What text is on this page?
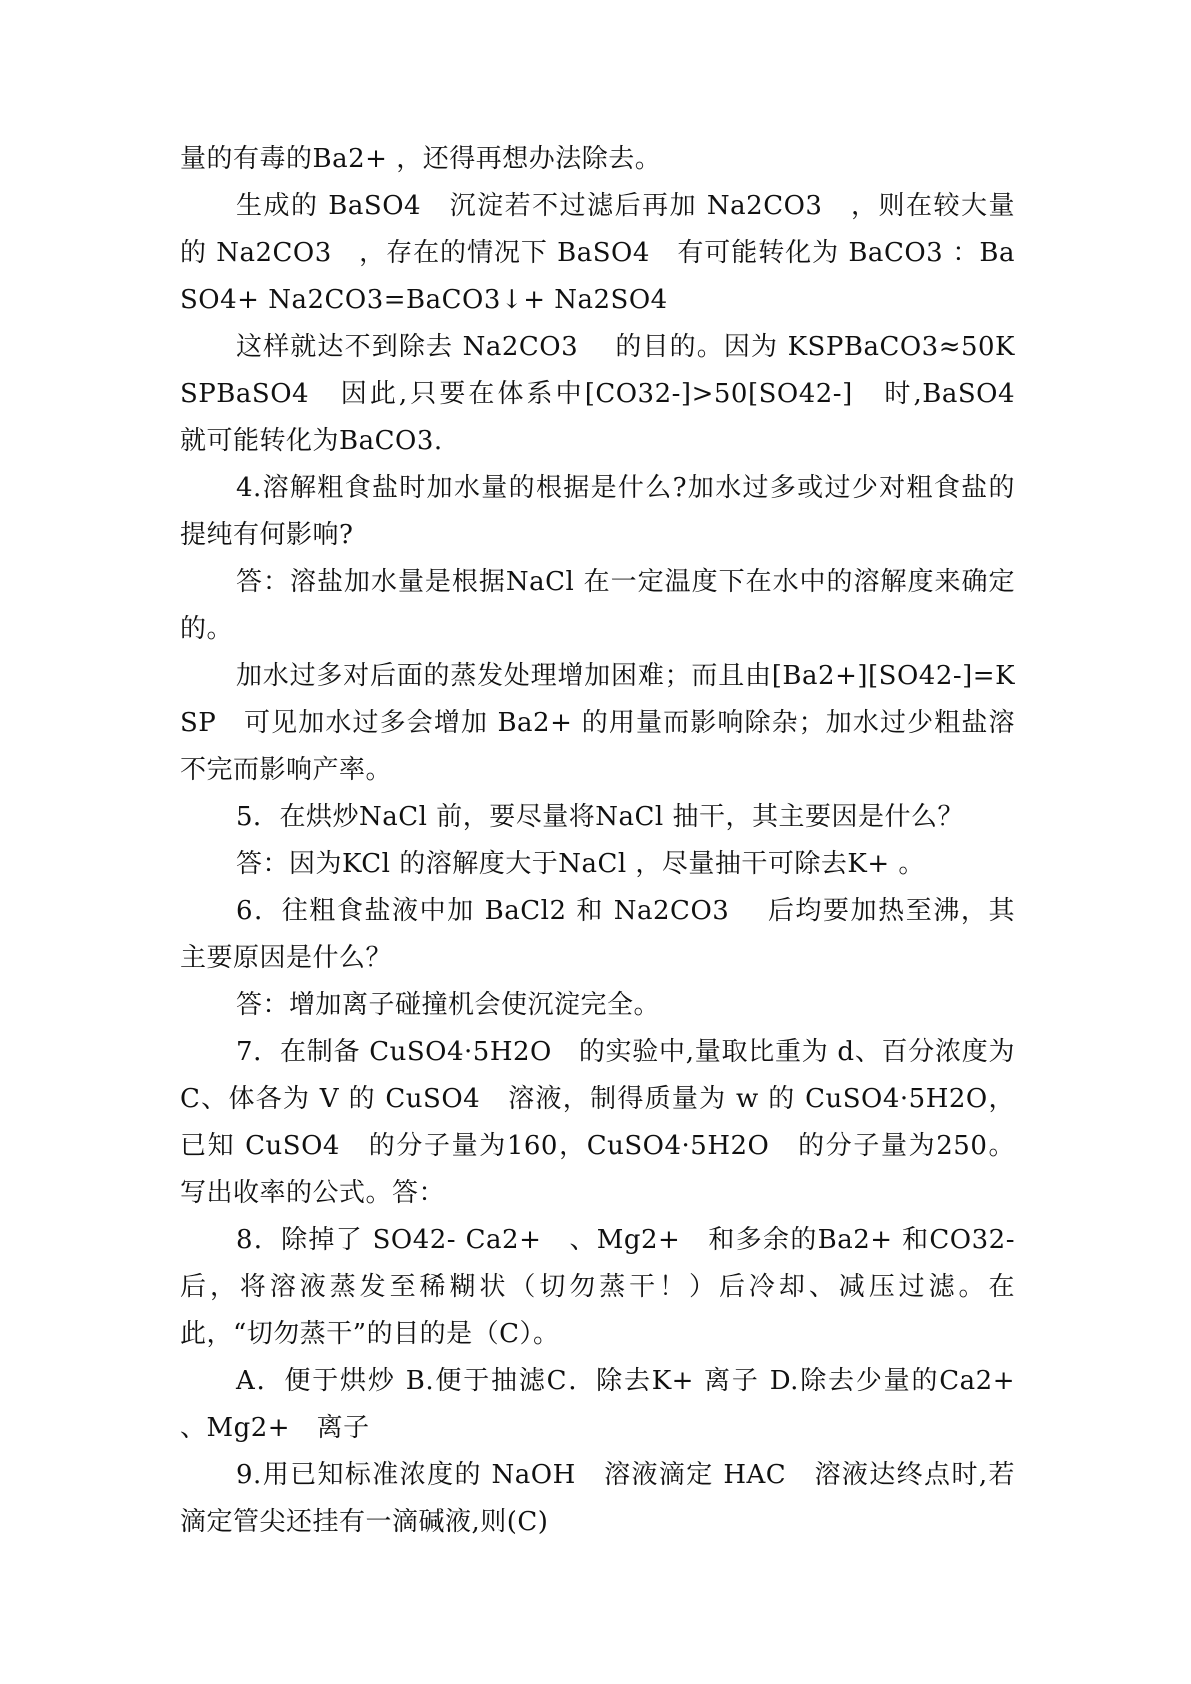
量的有毒的Ba2+ ，还得再想办法除去。

生成的 BaSO4　沉淀若不过滤后再加 Na2CO3　，则在较大量的 Na2CO3　，存在的情况下 BaSO4　有可能转化为 BaCO3 ：BaSO4+ Na2CO3=BaCO3↓+ Na2SO4

这样就达不到除去 Na2CO3　 的目的。因为 KSPBaCO3≈50K SPBaSO4　因此,只要在体系中[CO32-]>50[SO42-]　时,BaSO4　就可能转化为BaCO3.

4.溶解粗食盐时加水量的根据是什么?加水过多或过少对粗食盐的提纯有何影响?

答：溶盐加水量是根据NaCl 在一定温度下在水中的溶解度来确定的。

加水过多对后面的蒸发处理增加困难；而且由[Ba2+][SO42-]=KSP　可见加水过多会增加 Ba2+ 的用量而影响除杂；加水过少粗盐溶不完而影响产率。

5．在烘炒NaCl 前，要尽量将NaCl 抽干，其主要因是什么？

答：因为KCl 的溶解度大于NaCl ，尽量抽干可除去K+ 。

6．往粗食盐液中加 BaCl2 和 Na2CO3　 后均要加热至沸，其主要原因是什么？

答：增加离子碰撞机会使沉淀完全。

7．在制备 CuSO4·5H2O　的实验中,量取比重为 d、百分浓度为 C、体各为 V 的 CuSO4　溶液，制得质量为 w 的 CuSO4·5H2O，已知 CuSO4　的分子量为160，CuSO4·5H2O　的分子量为250。写出收率的公式。答：

8．除掉了 SO42- Ca2+　、Mg2+　和多余的Ba2+ 和CO32- 后，将溶液蒸发至稀糊状（切勿蒸干！）后冷却、减压过滤。在此，“切勿蒸干”的目的是（C）。

A．便于烘炒 B.便于抽滤C．除去K+ 离子 D.除去少量的Ca2+ 、Mg2+　离子

9.用已知标准浓度的 NaOH　溶液滴定 HAC　溶液达终点时,若滴定管尖还挂有一滴碱液,则(C)
